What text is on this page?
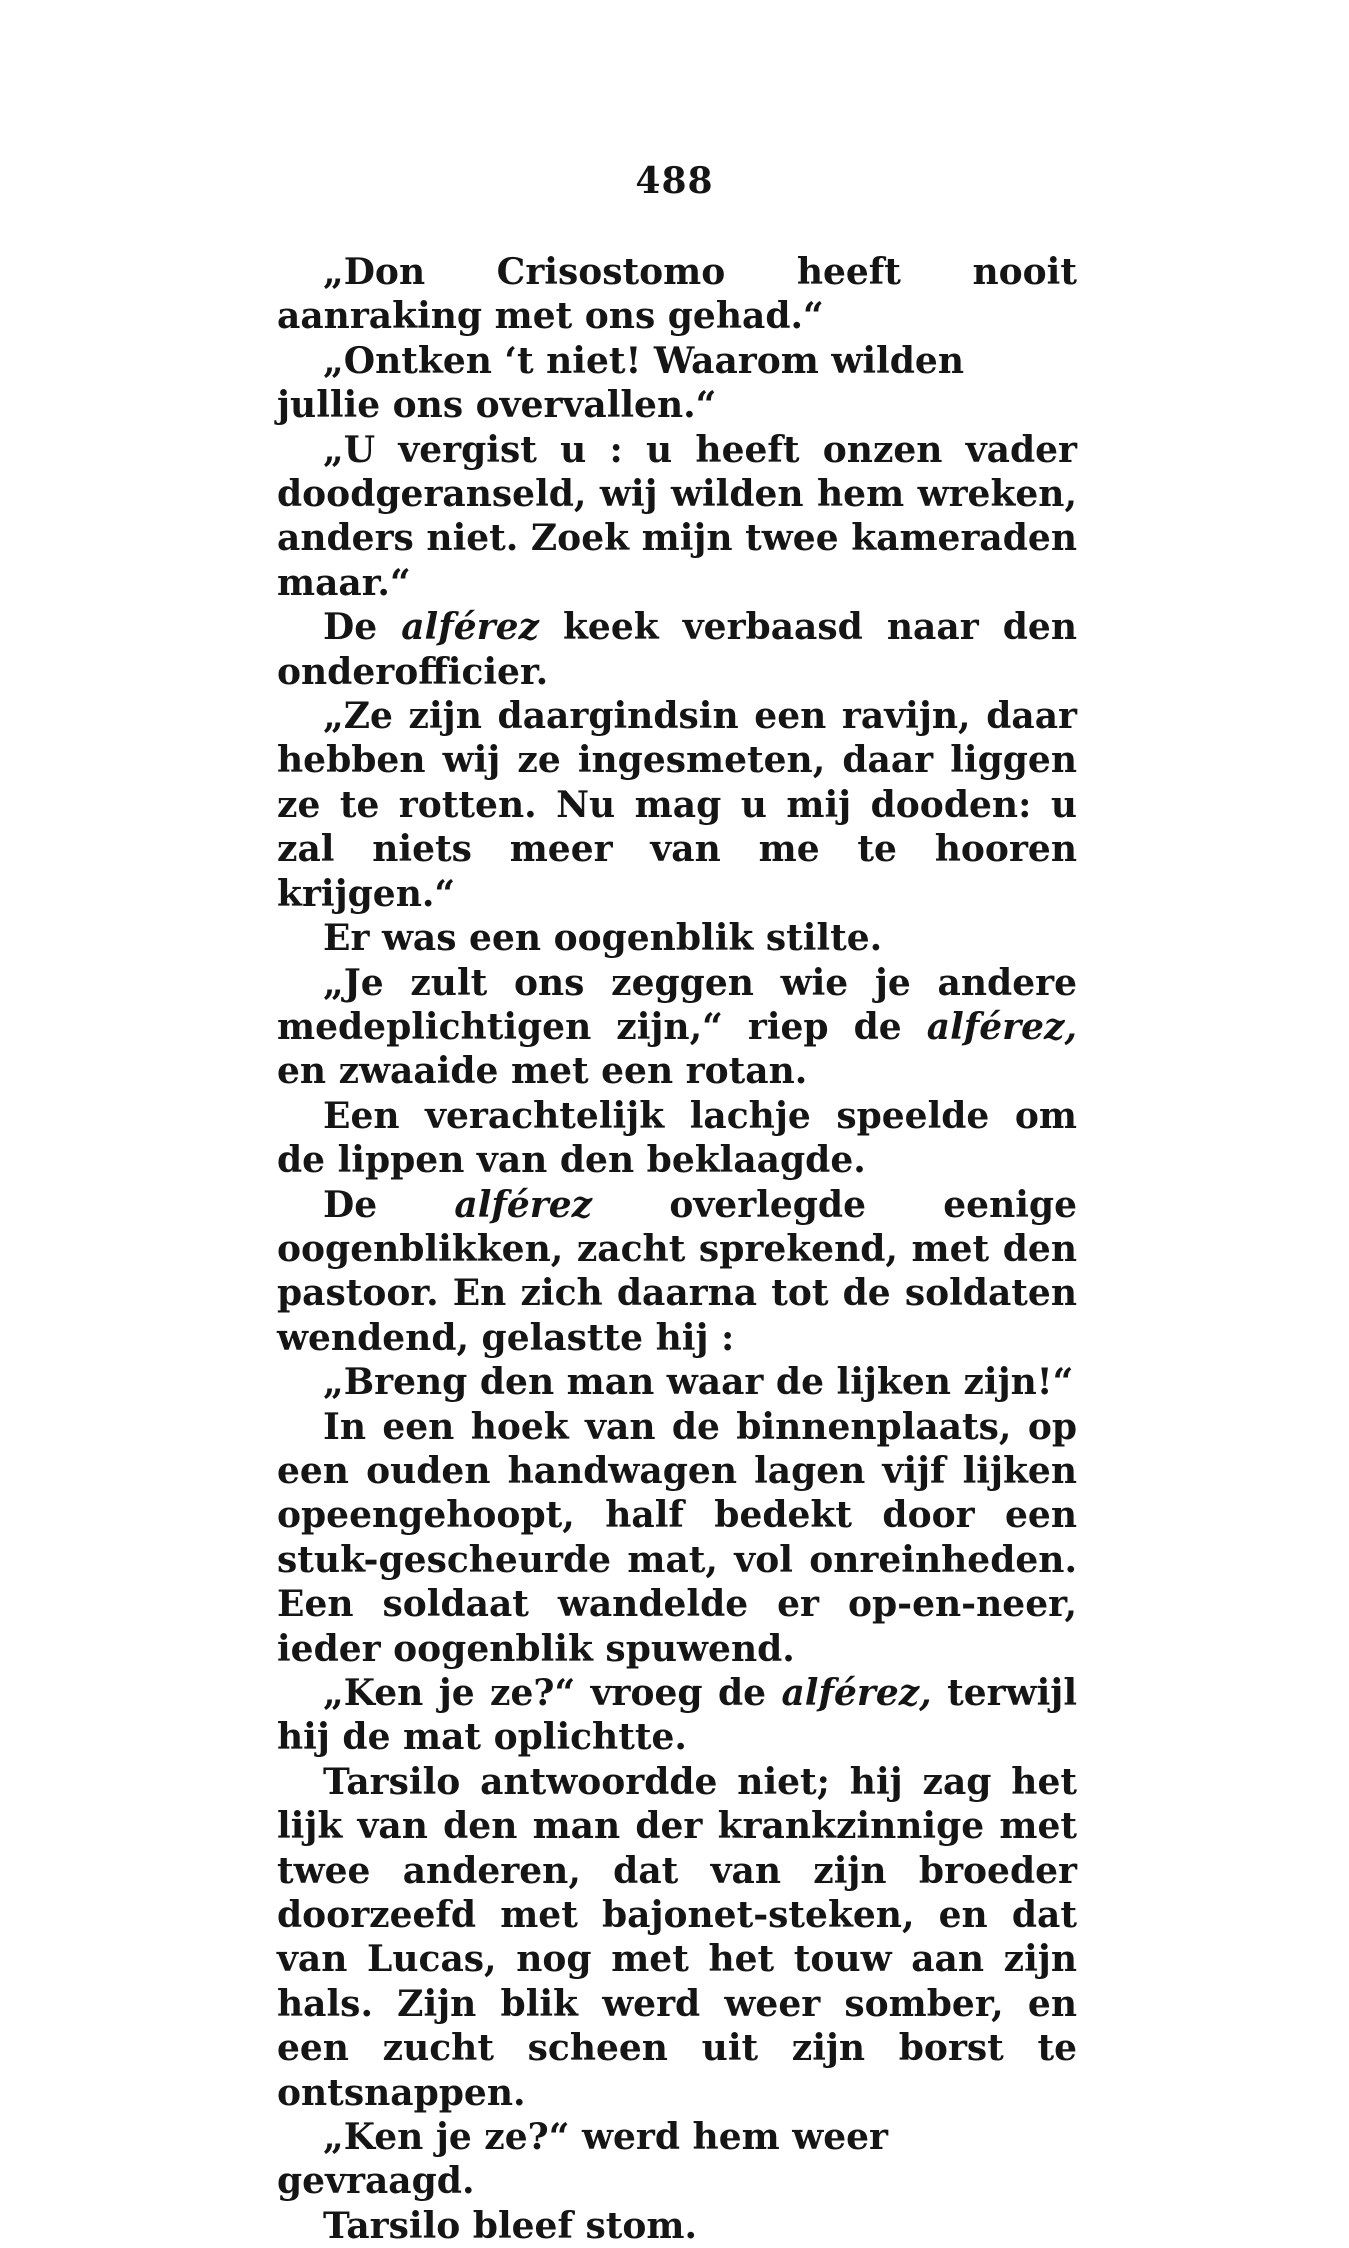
488

„Don Crisostomo heeft nooit aanraking met ons gehad.“

„Ontken ‘t niet! Waarom wilden jullie ons overvallen.“

„U vergist u : u heeft onzen vader doodgeranseld, wij wilden hem wreken, anders niet. Zoek mijn twee kameraden maar.“

De alférez keek verbaasd naar den onderofficier.

„Ze zijn daargindsin een ravijn, daar hebben wij ze ingesmeten, daar liggen ze te rotten. Nu mag u mij dooden: u zal niets meer van me te hooren krijgen.“

Er was een oogenblik stilte.

„Je zult ons zeggen wie je andere medeplichtigen zijn,“ riep de alférez, en zwaaide met een rotan.

Een verachtelijk lachje speelde om de lippen van den beklaagde.

De alférez overlegde eenige oogenblikken, zacht sprekend, met den pastoor. En zich daarna tot de soldaten wendend, gelastte hij :

„Breng den man waar de lijken zijn!“

In een hoek van de binnenplaats, op een ouden handwagen lagen vijf lijken opeengehoopt, half bedekt door een stuk-gescheurde mat, vol onreinheden. Een soldaat wandelde er op-en-neer, ieder oogenblik spuwend.

„Ken je ze?“ vroeg de alférez, terwijl hij de mat oplichtte.

Tarsilo antwoordde niet; hij zag het lijk van den man der krankzinnige met twee anderen, dat van zijn broeder doorzeefd met bajonet-steken, en dat van Lucas, nog met het touw aan zijn hals. Zijn blik werd weer somber, en een zucht scheen uit zijn borst te ontsnappen.

„Ken je ze?“ werd hem weer gevraagd.

Tarsilo bleef stom.
